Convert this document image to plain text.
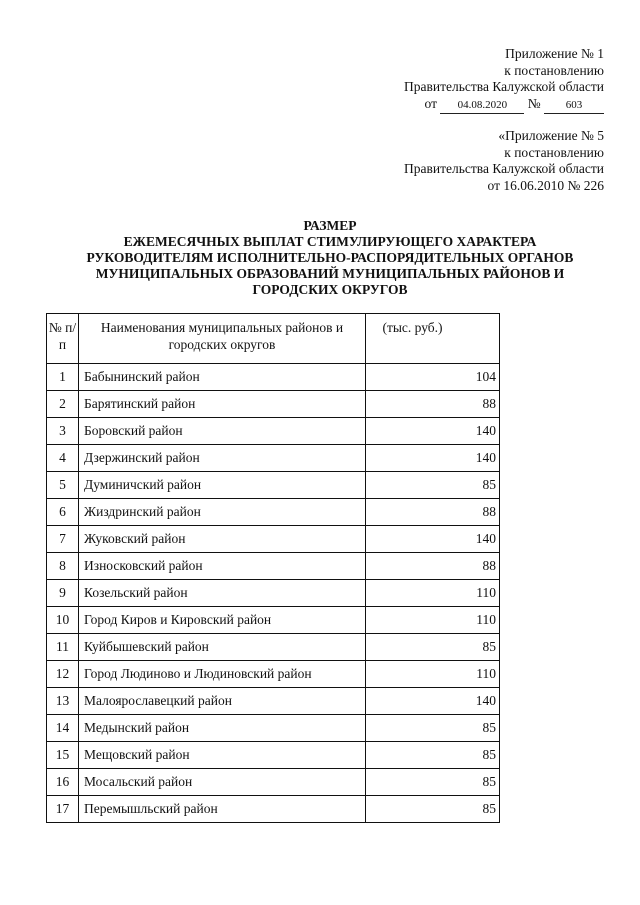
Приложение № 1
к постановлению
Правительства Калужской области
от 04.08.2020 № 603
«Приложение № 5
к постановлению
Правительства Калужской области
от 16.06.2010 № 226
РАЗМЕР
ЕЖЕМЕСЯЧНЫХ ВЫПЛАТ СТИМУЛИРУЮЩЕГО ХАРАКТЕРА
РУКОВОДИТЕЛЯМ ИСПОЛНИТЕЛЬНО-РАСПОРЯДИТЕЛЬНЫХ ОРГАНОВ
МУНИЦИПАЛЬНЫХ ОБРАЗОВАНИЙ МУНИЦИПАЛЬНЫХ РАЙОНОВ И
ГОРОДСКИХ ОКРУГОВ
№ п/п	Наименования муниципальных районов и городских округов	(тыс. руб.)
1	Бабынинский район	104
2	Барятинский район	88
3	Боровский район	140
4	Дзержинский район	140
5	Думиничский район	85
6	Жиздринский район	88
7	Жуковский район	140
8	Износковский район	88
9	Козельский район	110
10	Город Киров и Кировский район	110
11	Куйбышевский район	85
12	Город Людиново и Людиновский район	110
13	Малоярославецкий район	140
14	Медынский район	85
15	Мещовский район	85
16	Мосальский район	85
17	Перемышльский район	85
